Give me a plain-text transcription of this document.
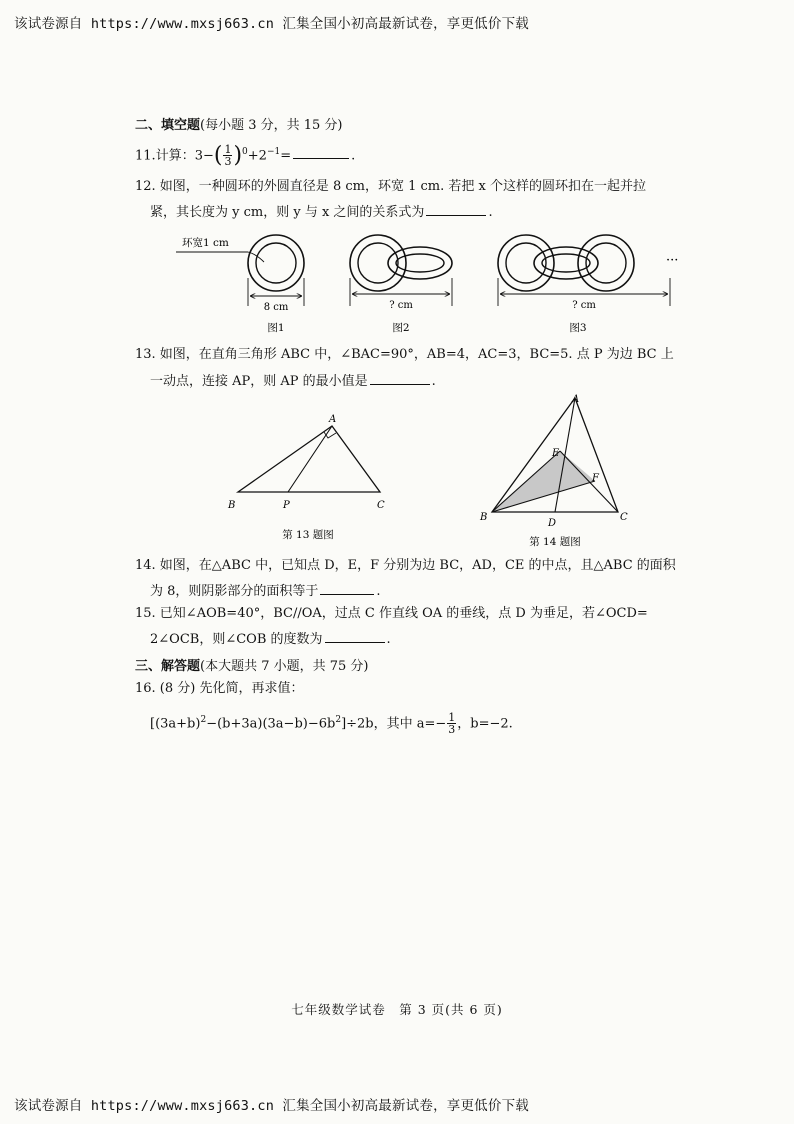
该试卷源自 https://www.mxsj663.cn 汇集全国小初高最新试卷，享更低价下载
二、填空题(每小题 3 分，共 15 分)
11.计算：$3-( \frac{1}{3} )^0+2^{-1}=$	.
12. 如图，一种圆环的外圆直径是 8 cm，环宽 1 cm. 若把 x 个这样的圆环扣在一起并拉
紧，其长度为 y cm，则 y 与 x 之间的关系式为	.
环宽1 cm
8 cm
图1
? cm
图2
···
? cm
图3
13. 如图，在直角三角形 ABC 中，∠BAC=90°，AB=4，AC=3，BC=5. 点 P 为边 BC 上
一动点，连接 AP，则 AP 的最小值是	.
A
B	C
P
第 13 题图
A
B	C
D
E
F
第 14 题图
14. 如图，在△ABC 中，已知点 D，E，F 分别为边 BC，AD，CE 的中点，且△ABC 的面积
为 8，则阴影部分的面积等于	.
15. 已知∠AOB=40°，BC//OA，过点 C 作直线 OA 的垂线，点 D 为垂足，若∠OCD=
2∠OCB，则∠COB 的度数为	.
三、解答题(本大题共 7 小题，共 75 分)
16. (8 分) 先化简，再求值：
$[(3a+b)^2-(b+3a)(3a-b)-6b^2]\div 2b$，其中 $a=- \frac{1}{3}$ ，b=−2.
七年级数学试卷　第 3 页(共 6 页)
该试卷源自 https://www.mxsj663.cn 汇集全国小初高最新试卷，享更低价下载
